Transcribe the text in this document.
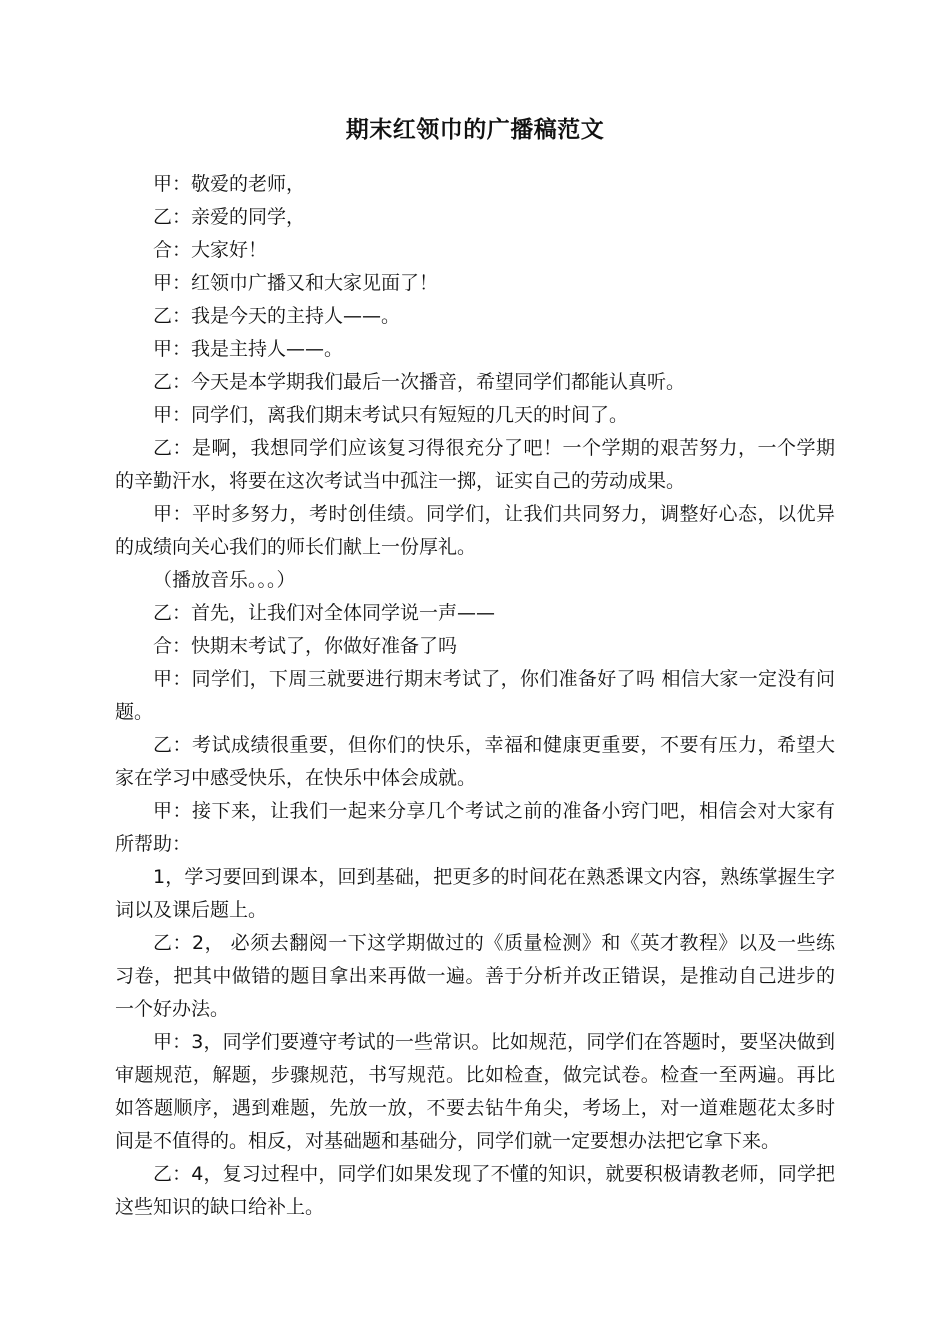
期末红领巾的广播稿范文

甲：敬爱的老师，

乙：亲爱的同学，

合：大家好！

甲：红领巾广播又和大家见面了！

乙：我是今天的主持人——。

甲：我是主持人——。

乙：今天是本学期我们最后一次播音，希望同学们都能认真听。

甲：同学们，离我们期末考试只有短短的几天的时间了。

乙：是啊，我想同学们应该复习得很充分了吧！一个学期的艰苦努力，一个学期的辛勤汗水，将要在这次考试当中孤注一掷，证实自己的劳动成果。

甲：平时多努力，考时创佳绩。同学们，让我们共同努力，调整好心态，以优异的成绩向关心我们的师长们献上一份厚礼。

（播放音乐。。。）

乙：首先，让我们对全体同学说一声——

合：快期末考试了，你做好准备了吗

甲：同学们，下周三就要进行期末考试了，你们准备好了吗 相信大家一定没有问题。

乙：考试成绩很重要，但你们的快乐，幸福和健康更重要，不要有压力，希望大家在学习中感受快乐，在快乐中体会成就。

甲：接下来，让我们一起来分享几个考试之前的准备小窍门吧，相信会对大家有所帮助：

1，学习要回到课本，回到基础，把更多的时间花在熟悉课文内容，熟练掌握生字词以及课后题上。

乙：2， 必须去翻阅一下这学期做过的《质量检测》和《英才教程》以及一些练习卷，把其中做错的题目拿出来再做一遍。善于分析并改正错误，是推动自己进步的一个好办法。

甲：3，同学们要遵守考试的一些常识。比如规范，同学们在答题时，要坚决做到审题规范，解题，步骤规范，书写规范。比如检查，做完试卷。检查一至两遍。再比如答题顺序，遇到难题，先放一放，不要去钻牛角尖，考场上，对一道难题花太多时间是不值得的。相反，对基础题和基础分，同学们就一定要想办法把它拿下来。

乙：4，复习过程中，同学们如果发现了不懂的知识，就要积极请教老师，同学把这些知识的缺口给补上。
